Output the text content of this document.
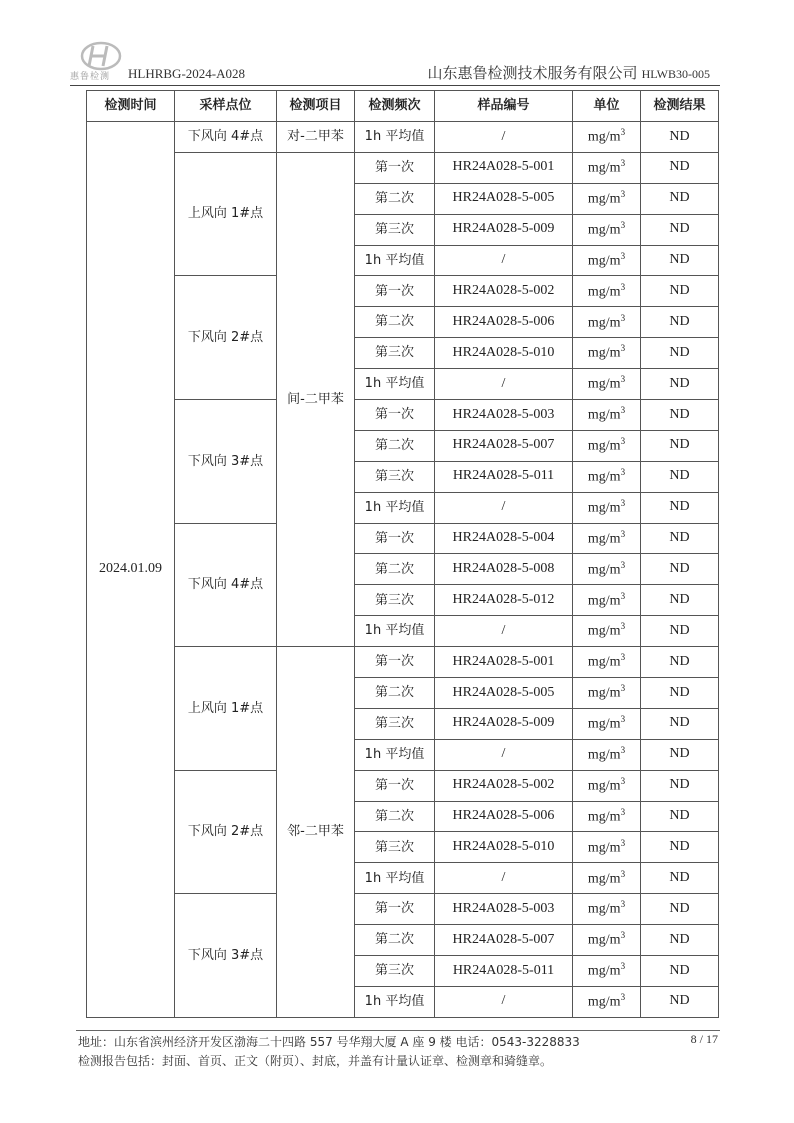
惠鲁检测 HLHRBG-2024-A028	山东惠鲁检测技术服务有限公司 HLWB30-005
检测时间	采样点位	检测项目	检测频次	样品编号	单位	检测结果
2024.01.09	下风向 4#点	对-二甲苯	1h 平均值	/	$mg/m^3$	ND
	上风向 1#点	间-二甲苯	第一次	HR24A028-5-001	$mg/m^3$	ND
			第二次	HR24A028-5-005	$mg/m^3$	ND
			第三次	HR24A028-5-009	$mg/m^3$	ND
			1h 平均值	/	$mg/m^3$	ND
	下风向 2#点		第一次	HR24A028-5-002	$mg/m^3$	ND
			第二次	HR24A028-5-006	$mg/m^3$	ND
			第三次	HR24A028-5-010	$mg/m^3$	ND
			1h 平均值	/	$mg/m^3$	ND
	下风向 3#点		第一次	HR24A028-5-003	$mg/m^3$	ND
			第二次	HR24A028-5-007	$mg/m^3$	ND
			第三次	HR24A028-5-011	$mg/m^3$	ND
			1h 平均值	/	$mg/m^3$	ND
	下风向 4#点		第一次	HR24A028-5-004	$mg/m^3$	ND
			第二次	HR24A028-5-008	$mg/m^3$	ND
			第三次	HR24A028-5-012	$mg/m^3$	ND
			1h 平均值	/	$mg/m^3$	ND
	上风向 1#点	邻-二甲苯	第一次	HR24A028-5-001	$mg/m^3$	ND
			第二次	HR24A028-5-005	$mg/m^3$	ND
			第三次	HR24A028-5-009	$mg/m^3$	ND
			1h 平均值	/	$mg/m^3$	ND
	下风向 2#点		第一次	HR24A028-5-002	$mg/m^3$	ND
			第二次	HR24A028-5-006	$mg/m^3$	ND
			第三次	HR24A028-5-010	$mg/m^3$	ND
			1h 平均值	/	$mg/m^3$	ND
	下风向 3#点		第一次	HR24A028-5-003	$mg/m^3$	ND
			第二次	HR24A028-5-007	$mg/m^3$	ND
			第三次	HR24A028-5-011	$mg/m^3$	ND
			1h 平均值	/	$mg/m^3$	ND
地址：山东省滨州经济开发区渤海二十四路 557 号华翔大厦 A 座 9 楼 电话：0543-3228833	8 / 17
检测报告包括：封面、首页、正文（附页）、封底，并盖有计量认证章、检测章和骑缝章。
